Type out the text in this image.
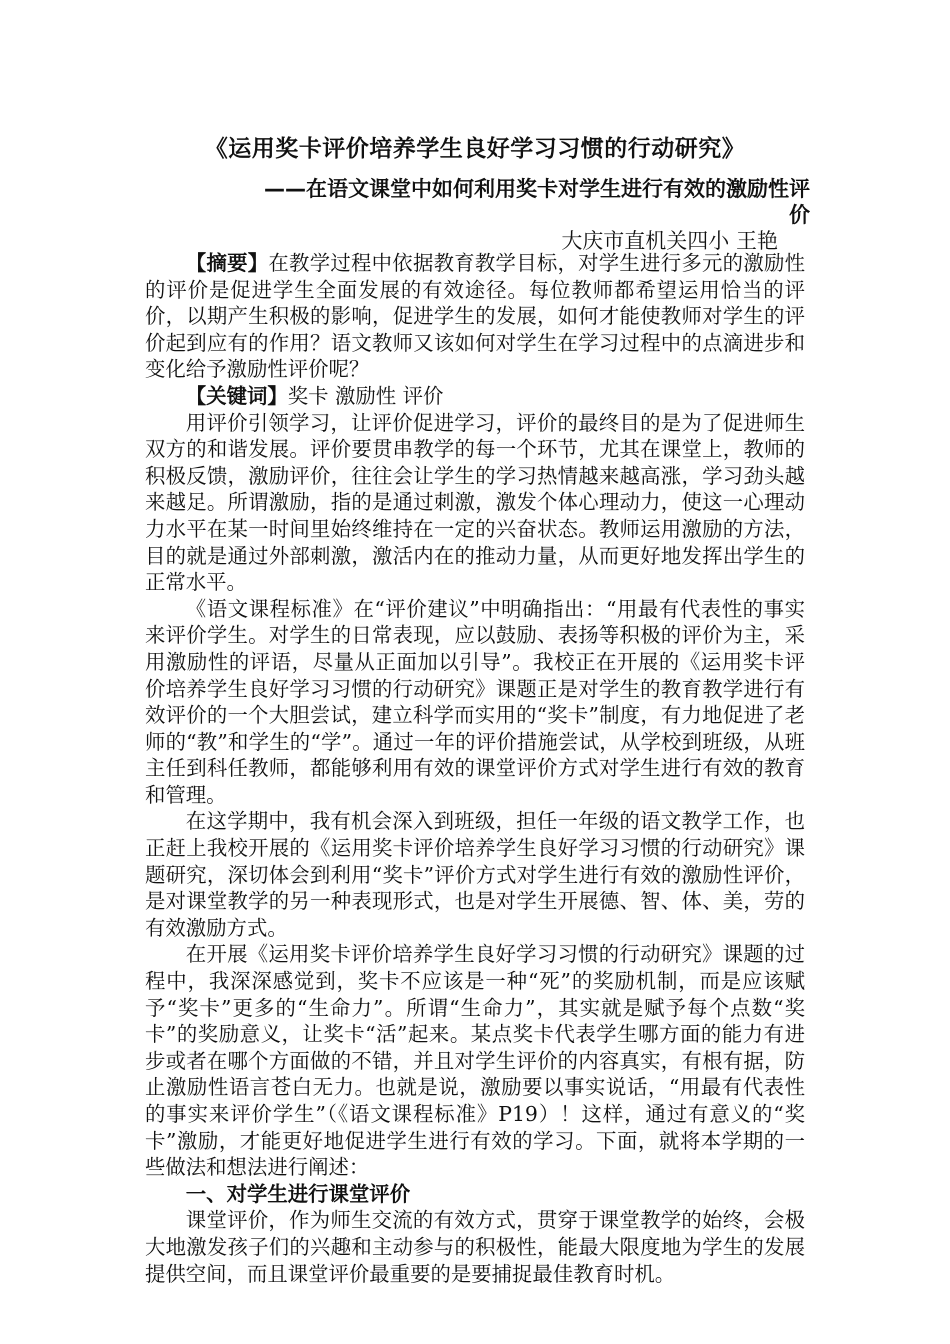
《运用奖卡评价培养学生良好学习习惯的行动研究》
——在语文课堂中如何利用奖卡对学生进行有效的激励性评价
大庆市直机关四小 王艳

【摘要】在教学过程中依据教育教学目标，对学生进行多元的激励性的评价是促进学生全面发展的有效途径。每位教师都希望运用恰当的评价，以期产生积极的影响，促进学生的发展，如何才能使教师对学生的评价起到应有的作用？语文教师又该如何对学生在学习过程中的点滴进步和变化给予激励性评价呢？

【关键词】奖卡 激励性 评价

用评价引领学习，让评价促进学习，评价的最终目的是为了促进师生双方的和谐发展。评价要贯串教学的每一个环节，尤其在课堂上，教师的积极反馈，激励评价，往往会让学生的学习热情越来越高涨，学习劲头越来越足。所谓激励，指的是通过刺激，激发个体心理动力，使这一心理动力水平在某一时间里始终维持在一定的兴奋状态。教师运用激励的方法，目的就是通过外部刺激，激活内在的推动力量，从而更好地发挥出学生的正常水平。

《语文课程标准》在“评价建议”中明确指出：“用最有代表性的事实来评价学生。对学生的日常表现，应以鼓励、表扬等积极的评价为主，采用激励性的评语，尽量从正面加以引导”。我校正在开展的《运用奖卡评价培养学生良好学习习惯的行动研究》课题正是对学生的教育教学进行有效评价的一个大胆尝试，建立科学而实用的“奖卡”制度，有力地促进了老师的“教”和学生的“学”。通过一年的评价措施尝试，从学校到班级，从班主任到科任教师，都能够利用有效的课堂评价方式对学生进行有效的教育和管理。

在这学期中，我有机会深入到班级，担任一年级的语文教学工作，也正赶上我校开展的《运用奖卡评价培养学生良好学习习惯的行动研究》课题研究，深切体会到利用“奖卡”评价方式对学生进行有效的激励性评价，是对课堂教学的另一种表现形式，也是对学生开展德、智、体、美，劳的有效激励方式。

在开展《运用奖卡评价培养学生良好学习习惯的行动研究》课题的过程中，我深深感觉到，奖卡不应该是一种“死”的奖励机制，而是应该赋予“奖卡”更多的“生命力”。所谓“生命力”，其实就是赋予每个点数“奖卡”的奖励意义，让奖卡“活”起来。某点奖卡代表学生哪方面的能力有进步或者在哪个方面做的不错，并且对学生评价的内容真实，有根有据，防止激励性语言苍白无力。也就是说，激励要以事实说话，“用最有代表性的事实来评价学生”（《语文课程标准》P19）！这样，通过有意义的“奖卡”激励，才能更好地促进学生进行有效的学习。下面，就将本学期的一些做法和想法进行阐述：

一、对学生进行课堂评价

课堂评价，作为师生交流的有效方式，贯穿于课堂教学的始终，会极大地激发孩子们的兴趣和主动参与的积极性，能最大限度地为学生的发展提供空间，而且课堂评价最重要的是要捕捉最佳教育时机。
